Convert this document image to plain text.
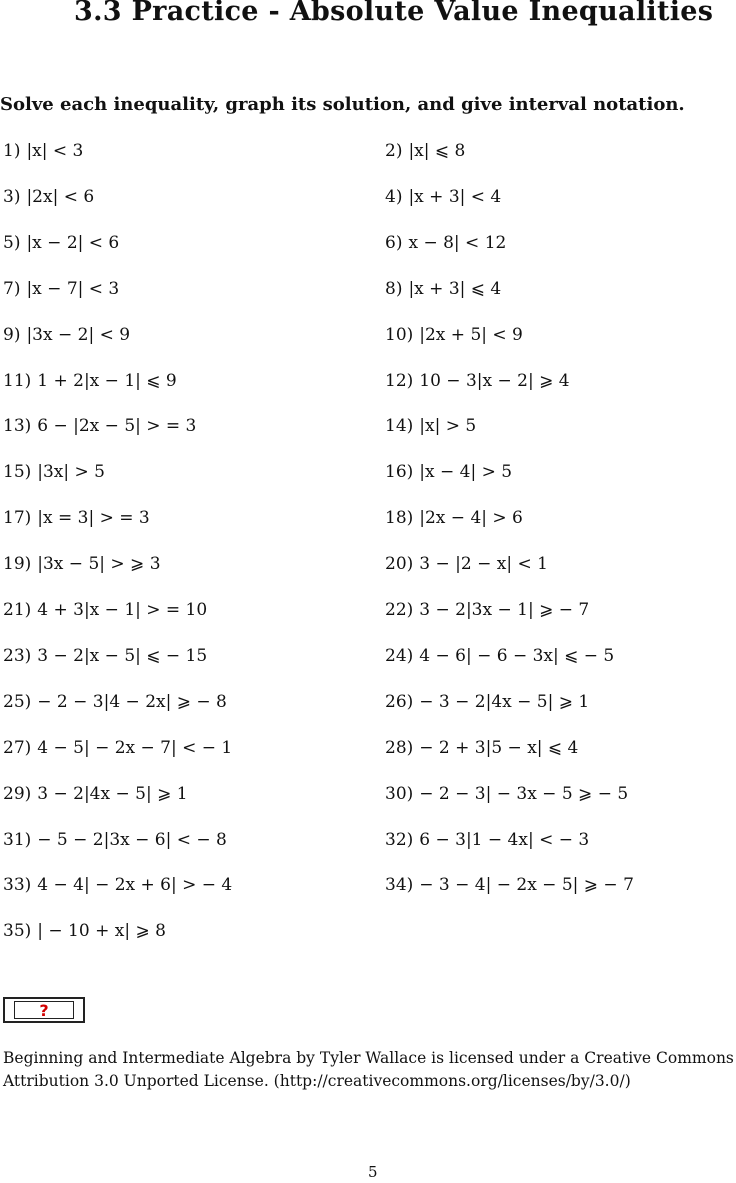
3.3 Practice - Absolute Value Inequalities
Solve each inequality, graph its solution, and give interval notation.
1) |x| < 3	2) |x| ⩽ 8
3) |2x| < 6	4) |x + 3| < 4
5) |x − 2| < 6	6) x − 8| < 12
7) |x − 7| < 3	8) |x + 3| ⩽ 4
9) |3x − 2| < 9	10) |2x + 5| < 9
11) 1 + 2|x − 1| ⩽ 9	12) 10 − 3|x − 2| ⩾ 4
13) 6 − |2x − 5| > = 3	14) |x| > 5
15) |3x| > 5	16) |x − 4| > 5
17) |x = 3| > = 3	18) |2x − 4| > 6
19) |3x − 5| > ⩾ 3	20) 3 − |2 − x| < 1
21) 4 + 3|x − 1| > = 10	22) 3 − 2|3x − 1| ⩾ − 7
23) 3 − 2|x − 5| ⩽ − 15	24) 4 − 6| − 6 − 3x| ⩽ − 5
25) − 2 − 3|4 − 2x| ⩾ − 8	26) − 3 − 2|4x − 5| ⩾ 1
27) 4 − 5| − 2x − 7| < − 1	28) − 2 + 3|5 − x| ⩽ 4
29) 3 − 2|4x − 5| ⩾ 1	30) − 2 − 3| − 3x − 5 ⩾ − 5
31) − 5 − 2|3x − 6| < − 8	32) 6 − 3|1 − 4x| < − 3
33) 4 − 4| − 2x + 6| > − 4	34) − 3 − 4| − 2x − 5| ⩾ − 7
35) | − 10 + x| ⩾ 8
?
Beginning and Intermediate Algebra by Tyler Wallace is licensed under a Creative Commons
Attribution 3.0 Unported License. (http://creativecommons.org/licenses/by/3.0/)
5
